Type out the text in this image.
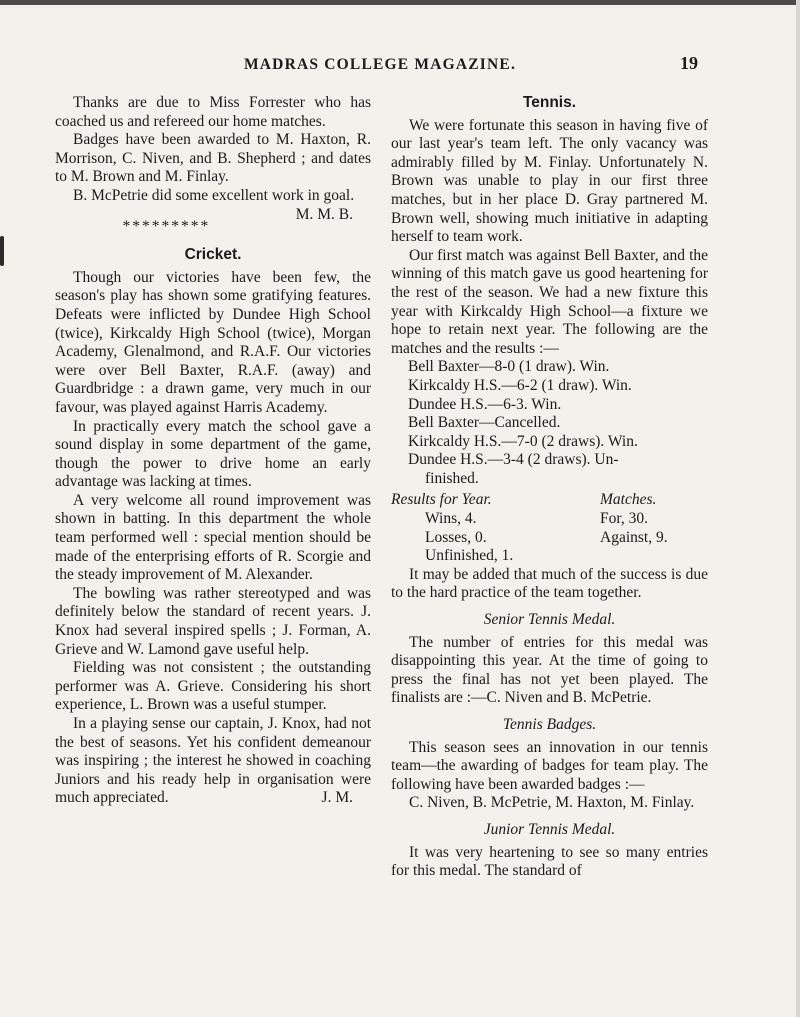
MADRAS COLLEGE MAGAZINE.	19

Thanks are due to Miss Forrester who has coached us and refereed our home matches.

Badges have been awarded to M. Haxton, R. Morrison, C. Niven, and B. Shepherd ; and dates to M. Brown and M. Finlay.

B. McPetrie did some excellent work in goal.
M. M. B.

*********
Cricket.

Though our victories have been few, the season's play has shown some gratifying features. Defeats were inflicted by Dundee High School (twice), Kirkcaldy High School (twice), Morgan Academy, Glenalmond, and R.A.F. Our victories were over Bell Baxter, R.A.F. (away) and Guardbridge : a drawn game, very much in our favour, was played against Harris Academy.

In practically every match the school gave a sound display in some department of the game, though the power to drive home an early advantage was lacking at times.

A very welcome all round improvement was shown in batting. In this department the whole team performed well : special mention should be made of the enterprising efforts of R. Scorgie and the steady improvement of M. Alexander.

The bowling was rather stereotyped and was definitely below the standard of recent years. J. Knox had several inspired spells ; J. Forman, A. Grieve and W. Lamond gave useful help.

Fielding was not consistent ; the outstanding performer was A. Grieve. Considering his short experience, L. Brown was a useful stumper.

In a playing sense our captain, J. Knox, had not the best of seasons. Yet his confident demeanour was inspiring ; the interest he showed in coaching Juniors and his ready help in organisation were much appreciated.	J. M.

Tennis.

We were fortunate this season in having five of our last year's team left. The only vacancy was admirably filled by M. Finlay. Unfortunately N. Brown was unable to play in our first three matches, but in her place D. Gray partnered M. Brown well, showing much initiative in adapting herself to team work.

Our first match was against Bell Baxter, and the winning of this match gave us good heartening for the rest of the season. We had a new fixture this year with Kirkcaldy High School—a fixture we hope to retain next year. The following are the matches and the results :—

Bell Baxter—8-0 (1 draw). Win.
Kirkcaldy H.S.—6-2 (1 draw). Win.
Dundee H.S.—6-3. Win.
Bell Baxter—Cancelled.
Kirkcaldy H.S.—7-0 (2 draws). Win.
Dundee H.S.—3-4 (2 draws). Un-
finished.
Results for Year.	Matches.
Wins, 4.	For, 30.
Losses, 0.	Against, 9.
Unfinished, 1.

It may be added that much of the success is due to the hard practice of the team together.

Senior Tennis Medal.

The number of entries for this medal was disappointing this year. At the time of going to press the final has not yet been played. The finalists are :—C. Niven and B. McPetrie.

Tennis Badges.

This season sees an innovation in our tennis team—the awarding of badges for team play. The following have been awarded badges :—

C. Niven, B. McPetrie, M. Haxton, M. Finlay.

Junior Tennis Medal.

It was very heartening to see so many entries for this medal. The standard of
